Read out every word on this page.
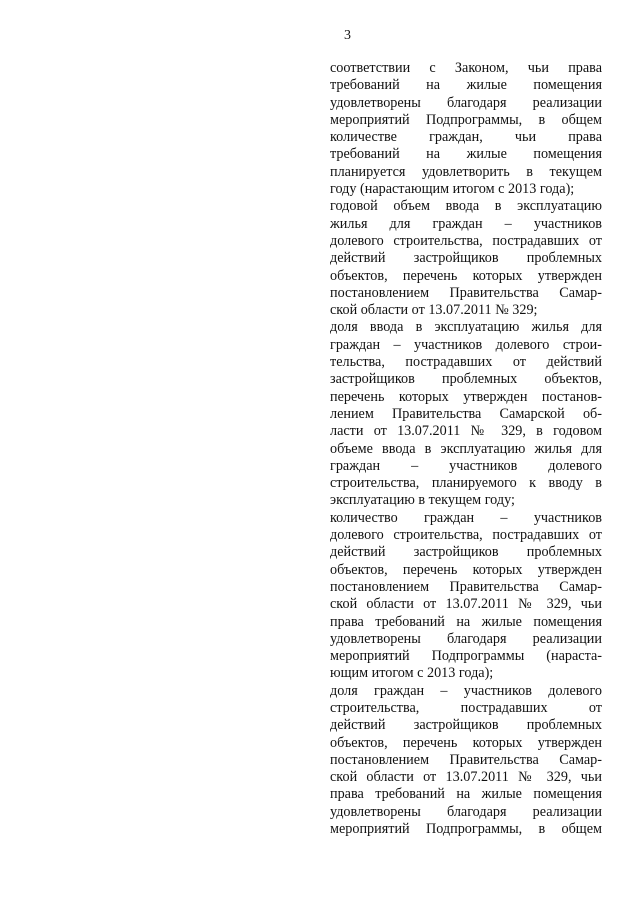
3
соответствии с Законом, чьи права
требований на жилые помещения
удовлетворены благодаря реализации
мероприятий Подпрограммы, в общем
количестве граждан, чьи права
требований на жилые помещения
планируется удовлетворить в текущем
году (нарастающим итогом с 2013 года);
годовой объем ввода в эксплуатацию
жилья для граждан – участников
долевого строительства, пострадавших от
действий застройщиков проблемных
объектов, перечень которых утвержден
постановлением Правительства Самар-
ской области от 13.07.2011 № 329;
доля ввода в эксплуатацию жилья для
граждан – участников долевого строи-
тельства, пострадавших от действий
застройщиков проблемных объектов,
перечень которых утвержден постанов-
лением Правительства Самарской об-
ласти от 13.07.2011 № 329, в годовом
объеме ввода в эксплуатацию жилья для
граждан – участников долевого
строительства, планируемого к вводу в
эксплуатацию в текущем году;
количество граждан – участников
долевого строительства, пострадавших от
действий застройщиков проблемных
объектов, перечень которых утвержден
постановлением Правительства Самар-
ской области от 13.07.2011 № 329, чьи
права требований на жилые помещения
удовлетворены благодаря реализации
мероприятий Подпрограммы (нараста-
ющим итогом с 2013 года);
доля граждан – участников долевого
строительства, пострадавших от
действий застройщиков проблемных
объектов, перечень которых утвержден
постановлением Правительства Самар-
ской области от 13.07.2011 № 329, чьи
права требований на жилые помещения
удовлетворены благодаря реализации
мероприятий Подпрограммы, в общем
